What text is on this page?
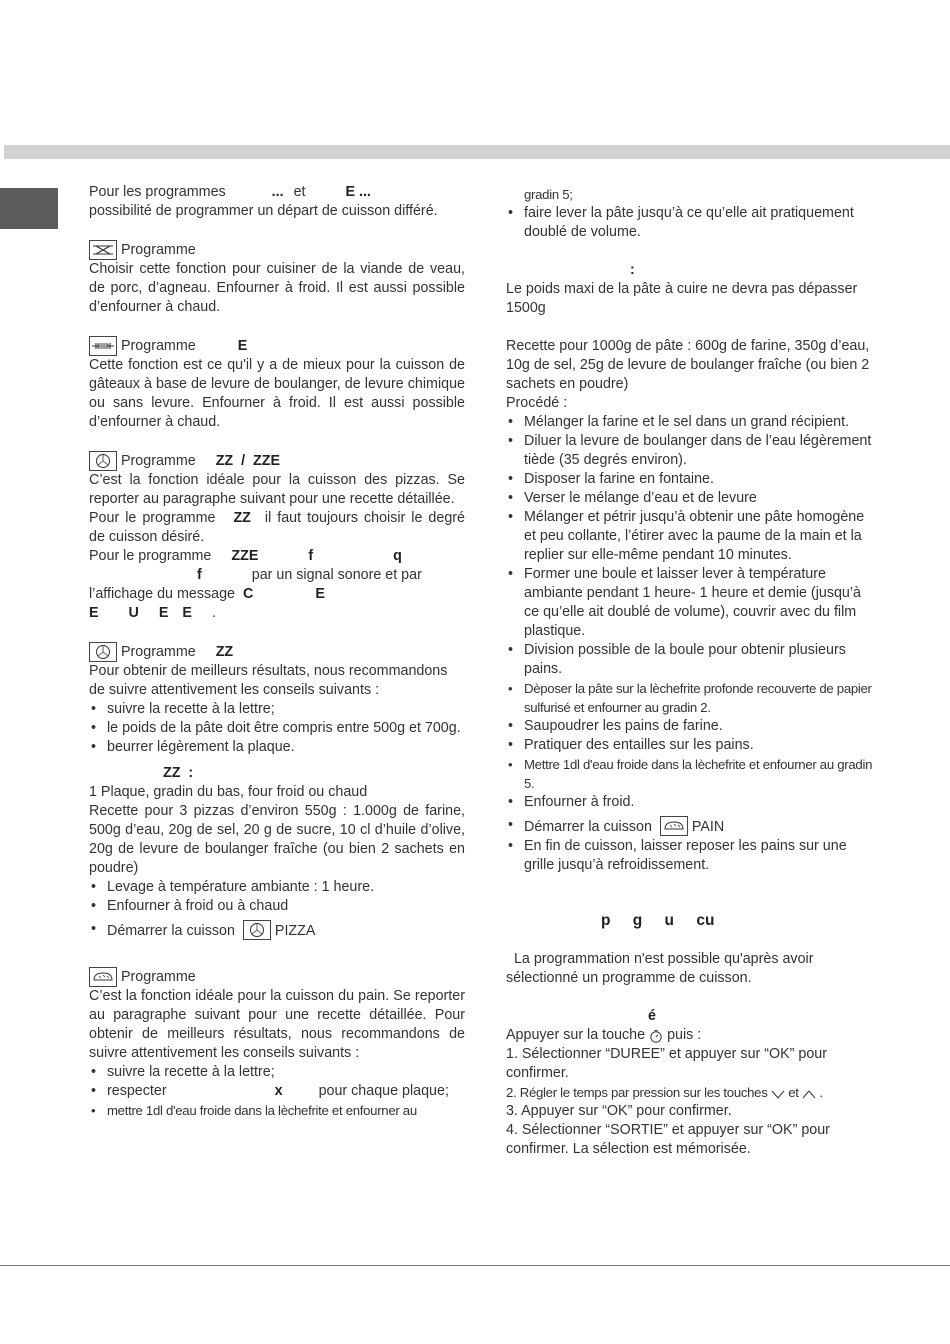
Pour les programmes	... et	E ...
possibilité de programmer un départ de cuisson différé.

Programme

Choisir cette fonction pour cuisiner de la viande de veau, de porc, d’agneau. Enfourner à froid. Il est aussi possible d’enfourner à chaud.

Programme	E

Cette fonction est ce qu'il y a de mieux pour la cuisson de gâteaux à base de levure de boulanger, de levure chimique ou sans levure. Enfourner à froid. Il est aussi possible d’enfourner à chaud.

Programme ZZ  /  ZZE

C’est la fonction idéale pour la cuisson des pizzas. Se reporter au paragraphe suivant pour une recette détaillée.

Pour le programme ZZ il faut toujours choisir le degré de cuisson désiré.

Pour le programme ZZE	f	q
f	par un signal sonore et par
l’affichage du message C	E
E U E E .

Programme ZZ

Pour obtenir de meilleurs résultats, nous recommandons de suivre attentivement les conseils suivants :

• suivre la recette à la lettre;

• le poids de la pâte doit être compris entre 500g et 700g.

• beurrer légèrement la plaque.

ZZ  :

1 Plaque, gradin du bas, four froid ou chaud

Recette pour 3 pizzas d’environ 550g : 1.000g de farine, 500g d’eau, 20g de sel, 20 g de sucre, 10 cl d’huile d’olive, 20g de levure de boulanger fraîche (ou bien 2 sachets en poudre)

• Levage à température ambiante : 1 heure.

• Enfourner à froid ou à chaud

• Démarrer la cuisson	PIZZA

Programme

C’est la fonction idéale pour la cuisson du pain. Se reporter au paragraphe suivant pour une recette détaillée. Pour obtenir de meilleurs résultats, nous recommandons de suivre attentivement les conseils suivants :

• suivre la recette à la lettre;

• respecter	x	pour chaque plaque;

• mettre 1dl d'eau froide dans la lèchefrite et enfourner au

gradin 5;

• faire lever la pâte jusqu’à ce qu’elle ait pratiquement doublé de volume.

:

Le poids maxi de la pâte à cuire ne devra pas dépasser 1500g

Recette pour 1000g de pâte : 600g de farine, 350g d’eau, 10g de sel, 25g de levure de boulanger fraîche (ou bien 2 sachets en poudre)

Procédé :

• Mélanger la farine et le sel dans un grand récipient.

• Diluer la levure de boulanger dans de l’eau légèrement tiède (35 degrés environ).

• Disposer la farine en fontaine.

• Verser le mélange d’eau et de levure

• Mélanger et pétrir jusqu’à obtenir une pâte homogène et peu collante, l’étirer avec la paume de la main et la replier sur elle-même pendant 10 minutes.

• Former une boule et laisser lever à température ambiante pendant 1 heure- 1 heure et demie (jusqu’à ce qu’elle ait doublé de volume), couvrir avec du film plastique.

• Division possible de la boule pour obtenir plusieurs pains.

• Dèposer la pâte sur la lèchefrite profonde recouverte de papier sulfurisé et enfourner au gradin 2.

• Saupoudrer les pains de farine.

• Pratiquer des entailles sur les pains.

• Mettre 1dl d'eau froide dans la lèchefrite et enfourner au gradin 5.

• Enfourner à froid.

• Démarrer la cuisson	PAIN

• En fin de cuisson, laisser reposer les pains sur une grille jusqu’à refroidissement.

p g u cu

La programmation n'est possible qu'après avoir sélectionné un programme de cuisson.

é

Appuyer sur la touche puis :

1. Sélectionner “DUREE” et appuyer sur “OK” pour confirmer.

2. Régler le temps par pression sur les touches et .

3. Appuyer sur “OK” pour confirmer.

4. Sélectionner “SORTIE” et appuyer sur “OK” pour confirmer. La sélection est mémorisée.
